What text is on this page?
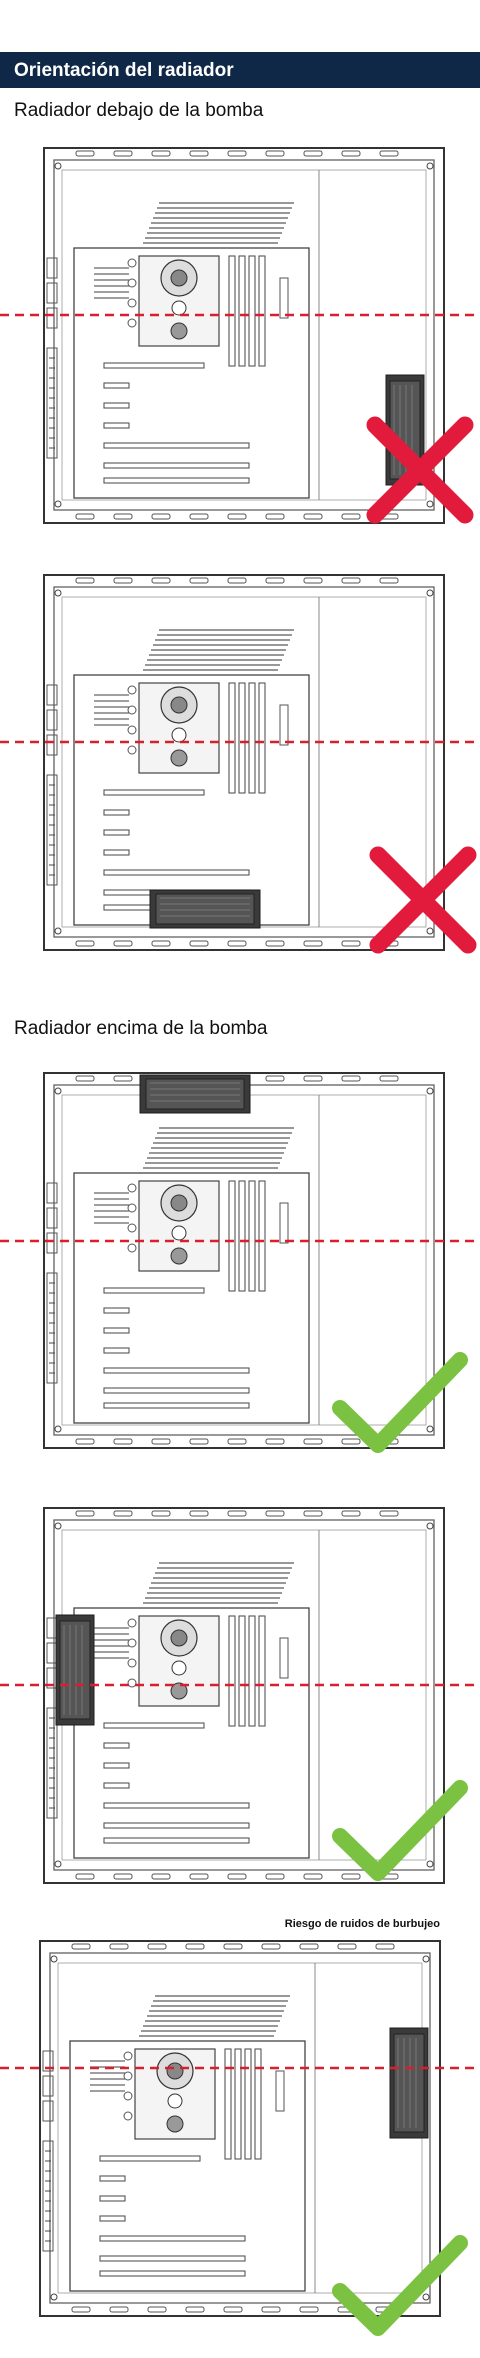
Orientación del radiador
Radiador debajo de la bomba
Radiador encima de la bomba
Riesgo de ruidos de burbujeo
